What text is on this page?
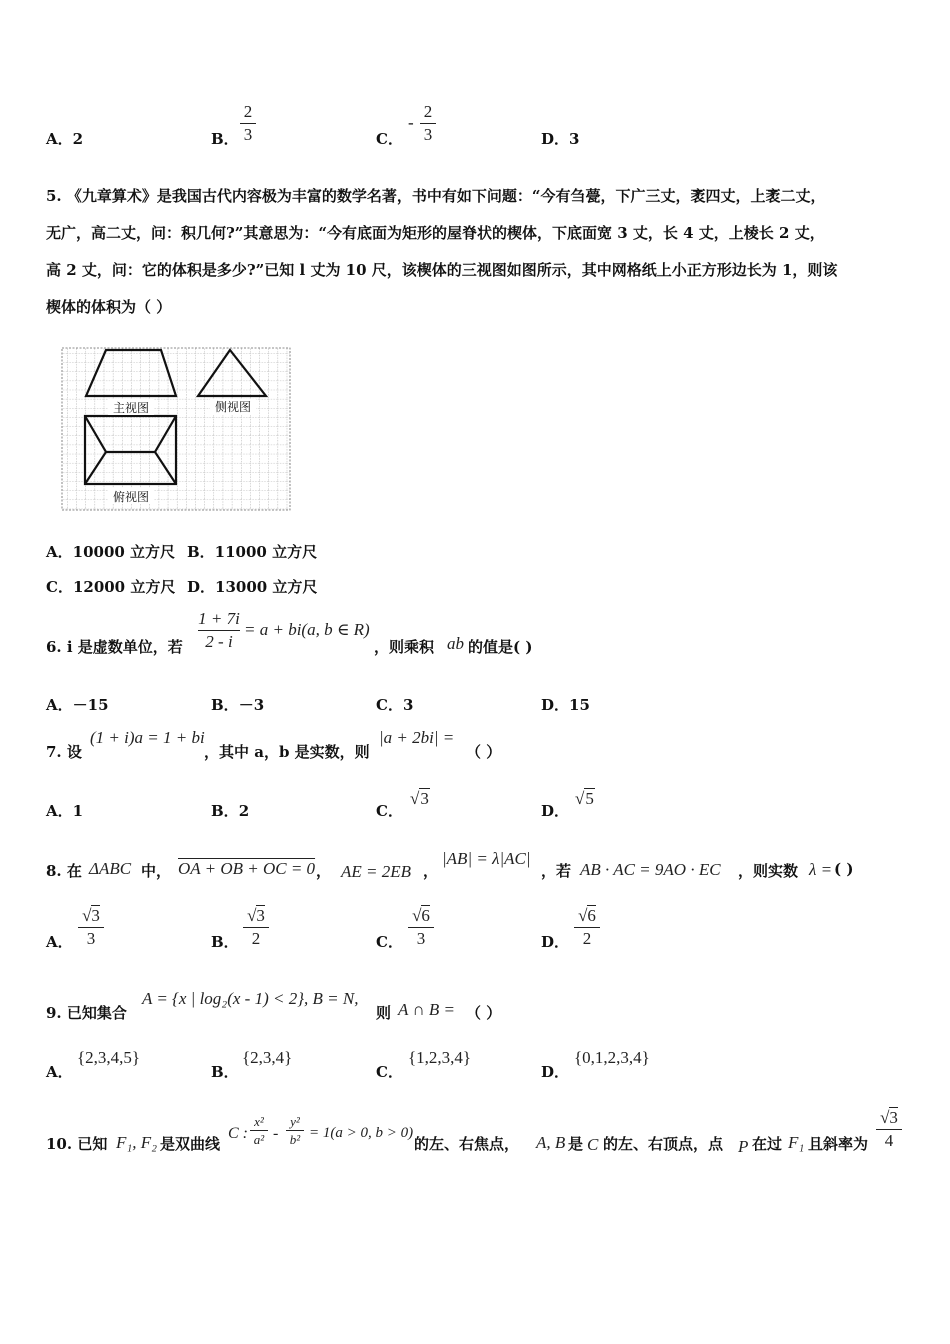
A．2	B．
2
3	C．
-
2
3	D．3
5. 《九章算术》是我国古代内容极为丰富的数学名著，书中有如下问题：“今有刍甍，下广三丈，袤四丈，上袤二丈，
无广，高二丈，问：积几何?”其意思为：“今有底面为矩形的屋脊状的楔体，下底面宽 3 丈，长 4 丈，上棱长 2 丈，
高 2 丈，问：它的体积是多少?”已知 l 丈为 10 尺，该楔体的三视图如图所示，其中网格纸上小正方形边长为 1，则该
楔体的体积为（ ）
主视图	侧视图
俯视图
A．10000 立方尺 B．11000 立方尺
C．12000 立方尺 D．13000 立方尺
6. i 是虚数单位，若
1 + 7i
2 - i
= a + bi(a, b ∈ R)
，则乘积 ab 的值是( )
A．－15	B．－3	C．3	D．15
7. 设
(1 + i)a = 1 + bi
，其中 a，b 是实数，则
|a + 2bi| =
（ ）
A．1	B．2	C．
√3
D．
√5
8. 在 ΔABC 中， OA + OB + OC = 0 ， AE = 2EB ，
|AB| = λ|AC|
，若 AB · AC = 9AO · EC ，则实数 λ = ( )
A．
√3
3	B．
√3
2	C．
√6
3	D．
√6
2
9. 已知集合
A = {x | log₂(x - 1) < 2}, B = N,
则 A ∩ B = （ ）
A．
{2,3,4,5}
B．
{2,3,4}
C．
{1,2,3,4}
D．
{0,1,2,3,4}
10. 已知 F₁, F₂ 是双曲线
C :
x²
a² -
y²
b² = 1(a > 0, b > 0)
的左、右焦点， A, B 是 C 的左、右顶点，点 P 在过 F₁ 且斜率为
√3
4
